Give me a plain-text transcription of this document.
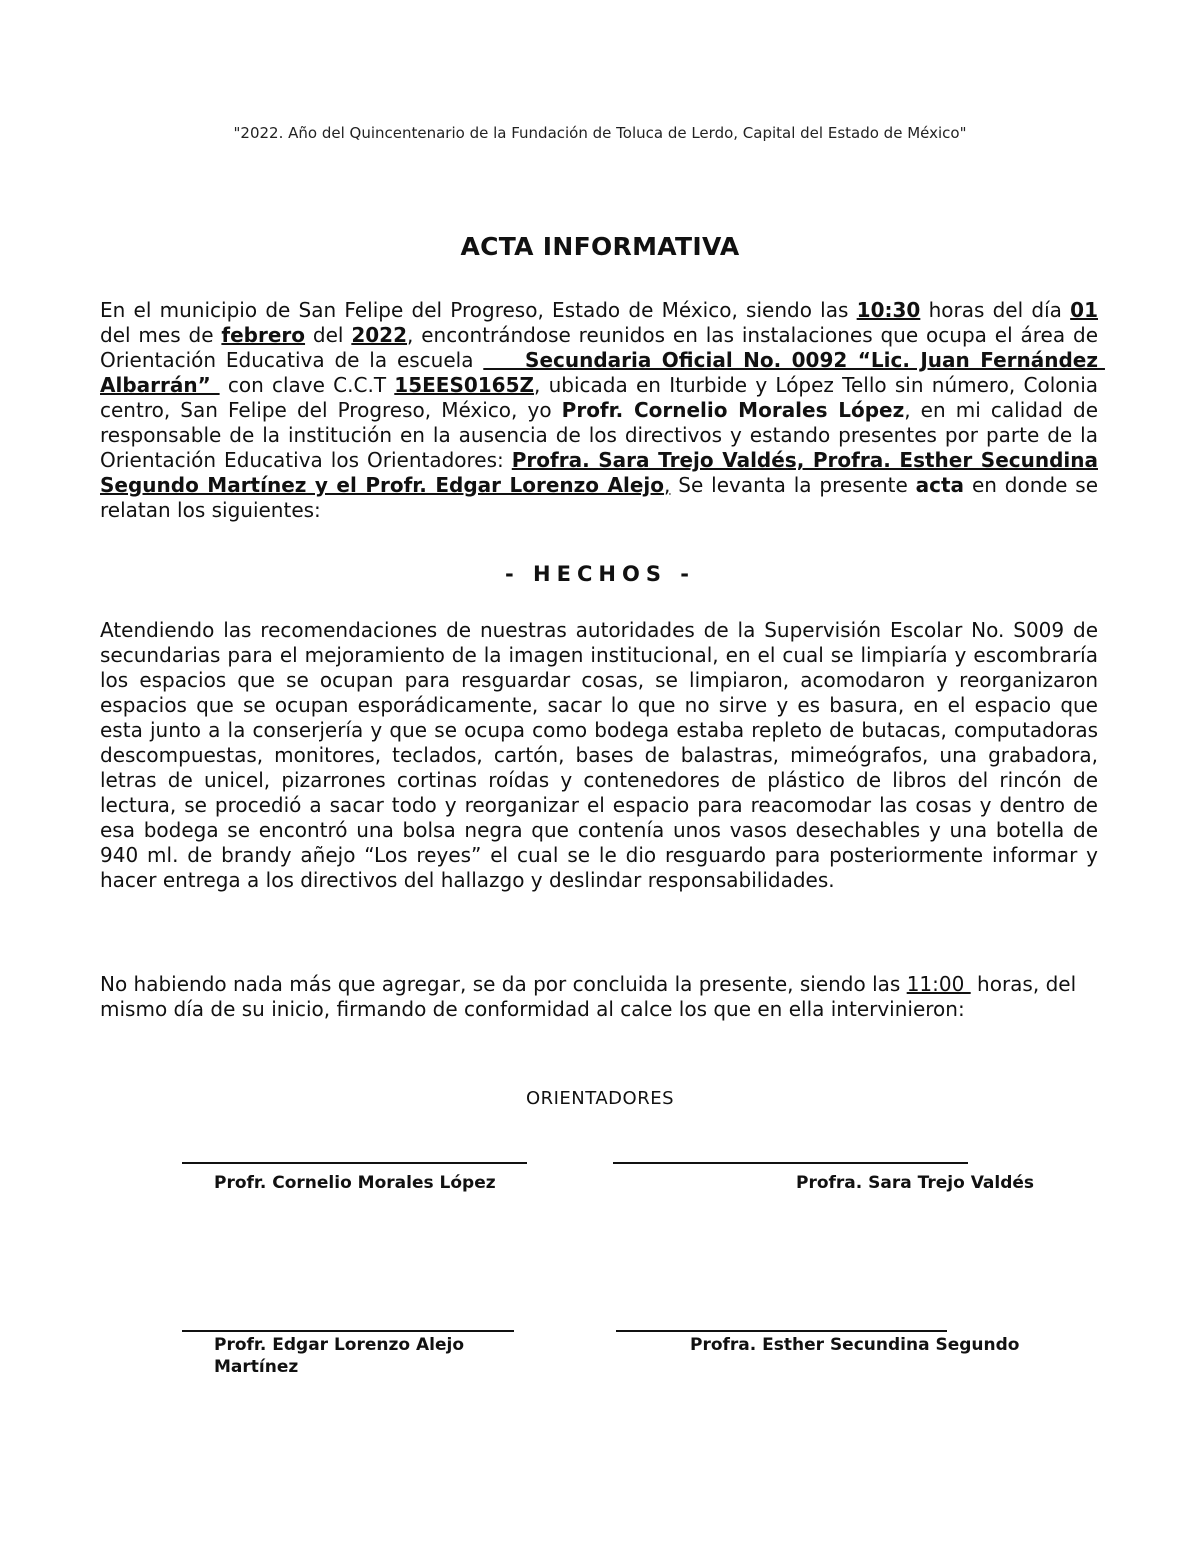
"2022. Año del Quincentenario de la Fundación de Toluca de Lerdo, Capital del Estado de México"
ACTA INFORMATIVA

En el municipio de San Felipe del Progreso, Estado de México, siendo las 10:30 horas del día 01 del mes de febrero del 2022, encontrándose reunidos en las instalaciones que ocupa el área de Orientación Educativa de la escuela     Secundaria Oficial No. 0092 “Lic. Juan Fernández Albarrán”  con clave C.C.T 15EES0165Z, ubicada en Iturbide y López Tello sin número, Colonia centro, San Felipe del Progreso, México, yo Profr. Cornelio Morales López, en mi calidad de responsable de la institución en la ausencia de los directivos y estando presentes por parte de la Orientación Educativa los Orientadores: Profra. Sara Trejo Valdés, Profra. Esther Secundina Segundo Martínez y el Profr. Edgar Lorenzo Alejo, Se levanta la presente acta en donde se relatan los siguientes:

- HECHOS -

Atendiendo las recomendaciones de nuestras autoridades de la Supervisión Escolar No. S009 de secundarias para el mejoramiento de la imagen institucional, en el cual se limpiaría y escombraría los espacios que se ocupan para resguardar cosas, se limpiaron, acomodaron y reorganizaron espacios que se ocupan esporádicamente, sacar lo que no sirve y es basura, en el espacio que esta junto a la conserjería y que se ocupa como bodega estaba repleto de butacas, computadoras descompuestas, monitores, teclados, cartón, bases de balastras, mimeógrafos, una grabadora, letras de unicel, pizarrones cortinas roídas y contenedores de plástico de libros del rincón de lectura, se procedió a sacar todo y reorganizar el espacio para reacomodar las cosas y dentro de esa bodega se encontró una bolsa negra que contenía unos vasos desechables y una botella de 940 ml. de brandy añejo “Los reyes” el cual se le dio resguardo para posteriormente informar y hacer entrega a los directivos del hallazgo y deslindar responsabilidades.

No habiendo nada más que agregar, se da por concluida la presente, siendo las 11:00  horas, del mismo día de su inicio, firmando de conformidad al calce los que en ella intervinieron:

ORIENTADORES
Profr. Cornelio Morales López	Profra. Sara Trejo Valdés
Profr. Edgar Lorenzo Alejo	Profra. Esther Secundina Segundo
Martínez
